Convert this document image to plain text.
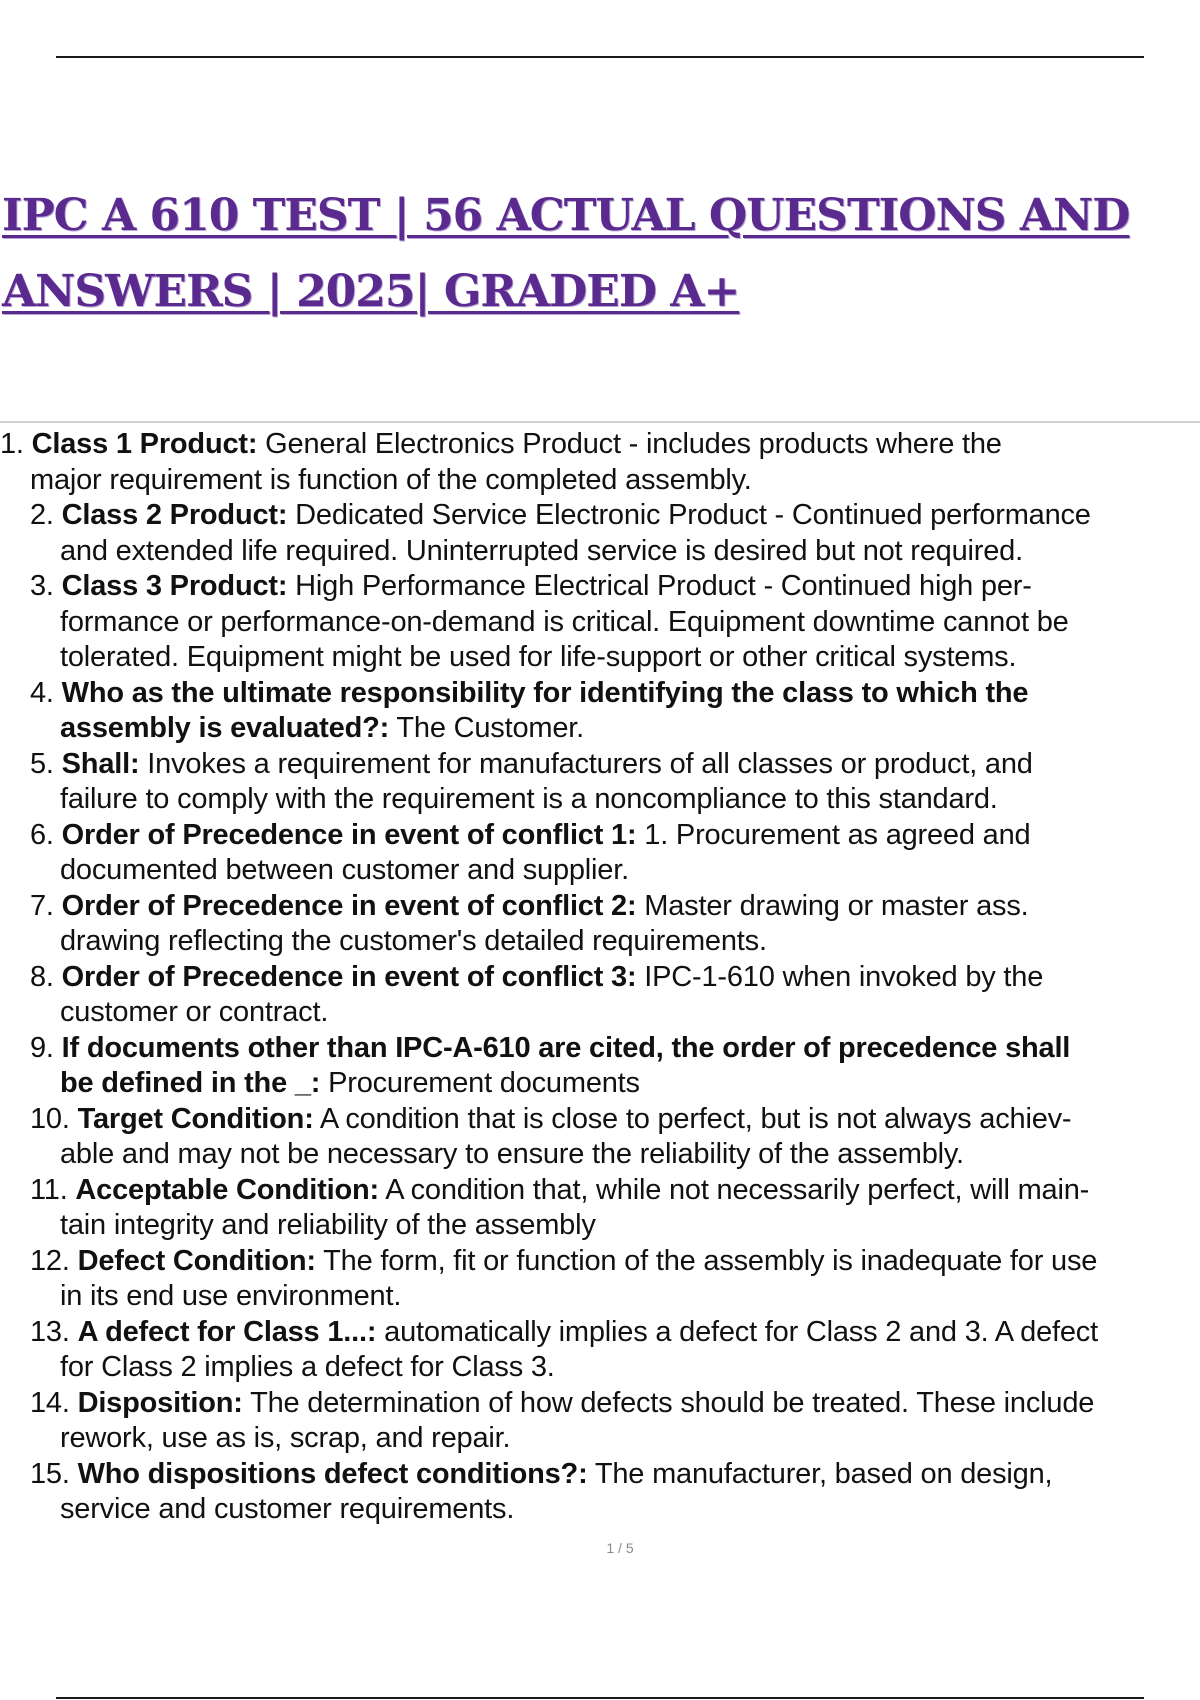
IPC A 610 TEST | 56 ACTUAL QUESTIONS AND
ANSWERS | 2025| GRADED A+
1. Class 1 Product: General Electronics Product - includes products where the
major requirement is function of the completed assembly.
2. Class 2 Product: Dedicated Service Electronic Product - Continued performance
and extended life required. Uninterrupted service is desired but not required.
3. Class 3 Product: High Performance Electrical Product - Continued high per-
formance or performance-on-demand is critical. Equipment downtime cannot be
tolerated. Equipment might be used for life-support or other critical systems.
4. Who as the ultimate responsibility for identifying the class to which the
assembly is evaluated?: The Customer.
5. Shall: Invokes a requirement for manufacturers of all classes or product, and
failure to comply with the requirement is a noncompliance to this standard.
6. Order of Precedence in event of conflict 1: 1. Procurement as agreed and
documented between customer and supplier.
7. Order of Precedence in event of conflict 2: Master drawing or master ass.
drawing reflecting the customer's detailed requirements.
8. Order of Precedence in event of conflict 3: IPC-1-610 when invoked by the
customer or contract.
9. If documents other than IPC-A-610 are cited, the order of precedence shall
be defined in the _: Procurement documents
10. Target Condition: A condition that is close to perfect, but is not always achiev-
able and may not be necessary to ensure the reliability of the assembly.
11. Acceptable Condition: A condition that, while not necessarily perfect, will main-
tain integrity and reliability of the assembly
12. Defect Condition: The form, fit or function of the assembly is inadequate for use
in its end use environment.
13. A defect for Class 1...: automatically implies a defect for Class 2 and 3. A defect
for Class 2 implies a defect for Class 3.
14. Disposition: The determination of how defects should be treated. These include
rework, use as is, scrap, and repair.
15. Who dispositions defect conditions?: The manufacturer, based on design,
service and customer requirements.
1 / 5
